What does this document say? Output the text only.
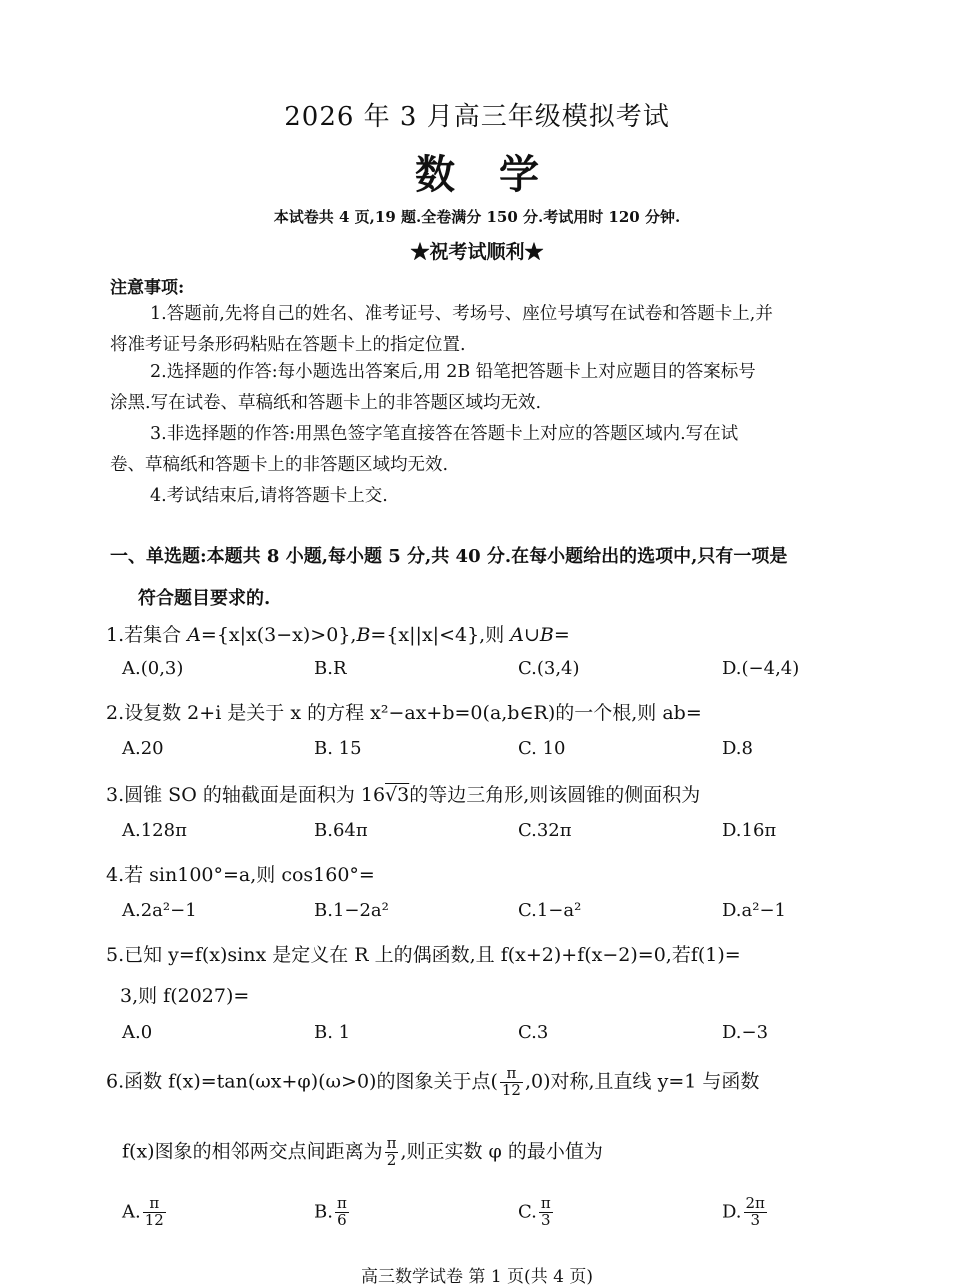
2026 年 3 月高三年级模拟考试
数学
本试卷共 4 页,19 题.全卷满分 150 分.考试用时 120 分钟.
★祝考试顺利★
注意事项:
1.答题前,先将自己的姓名、准考证号、考场号、座位号填写在试卷和答题卡上,并
将准考证号条形码粘贴在答题卡上的指定位置.
2.选择题的作答:每小题选出答案后,用 2B 铅笔把答题卡上对应题目的答案标号
涂黑.写在试卷、草稿纸和答题卡上的非答题区域均无效.
3.非选择题的作答:用黑色签字笔直接答在答题卡上对应的答题区域内.写在试
卷、草稿纸和答题卡上的非答题区域均无效.
4.考试结束后,请将答题卡上交.
一、单选题:本题共 8 小题,每小题 5 分,共 40 分.在每小题给出的选项中,只有一项是
符合题目要求的.
1.若集合 A={x|x(3−x)>0},B={x||x|<4},则 A∪B=
A.(0,3)	B.R	C.(3,4)	D.(−4,4)
2.设复数 2+i 是关于 x 的方程 x²−ax+b=0(a,b∈R)的一个根,则 ab=
A.20	B. 15	C. 10	D.8
3.圆锥 SO 的轴截面是面积为 16√3的等边三角形,则该圆锥的侧面积为
A.128π	B.64π	C.32π	D.16π
4.若 sin100°=a,则 cos160°=
A.2a²−1	B.1−2a²	C.1−a²	D.a²−1
5.已知 y=f(x)sinx 是定义在 R 上的偶函数,且 f(x+2)+f(x−2)=0,若f(1)=
3,则 f(2027)=
A.0	B. 1	C.3	D.−3
6.函数 f(x)=tan(ωx+φ)(ω>0)的图象关于点( $\frac{\pi}{12} ,0$)对称,且直线 y=1 与函数
f(x)图象的相邻两交点间距离为 $\frac{\pi}{2}$ ,则正实数 φ 的最小值为
A. $\frac{\pi}{12}$	B. $\frac{\pi}{6}$	C. $\frac{\pi}{3}$	D. $\frac{2\pi}{3}$
高三数学试卷 第 1 页(共 4 页)
